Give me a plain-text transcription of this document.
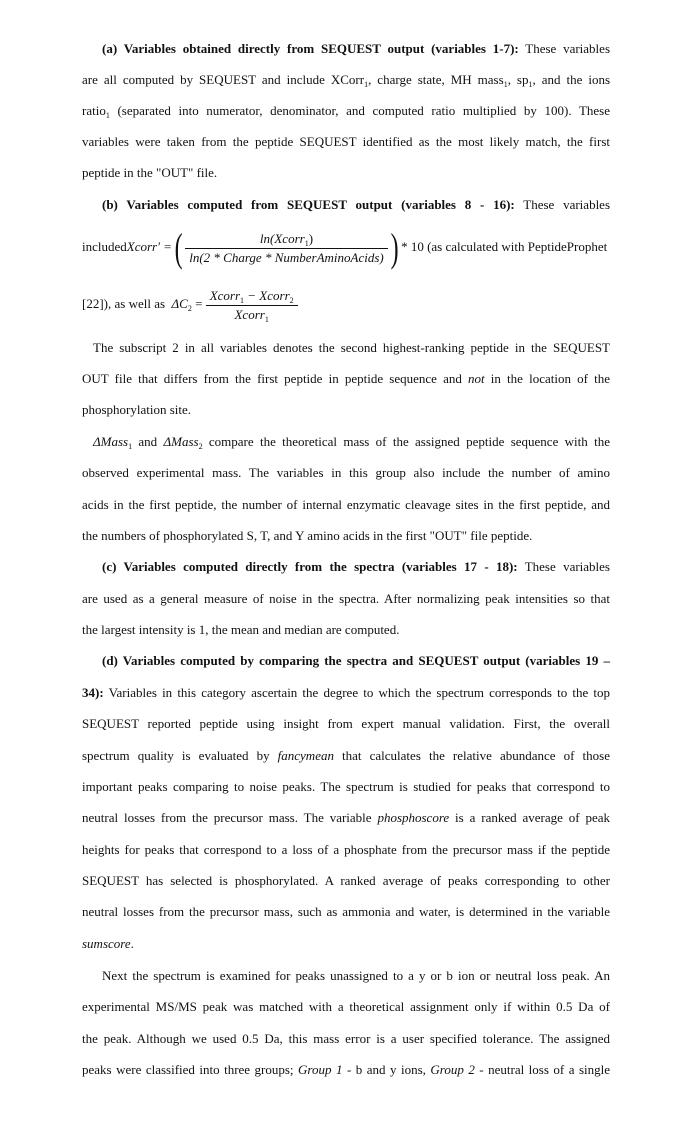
(a) Variables obtained directly from SEQUEST output (variables 1-7): These variables
are all computed by SEQUEST and include XCorr$_1$, charge state, MH mass$_1$, $sp_1$, and the ions
ratio$_1$ (separated into numerator, denominator, and computed ratio multiplied by 100). These
variables were taken from the peptide SEQUEST identified as the most likely match, the first
peptide in the "OUT" file.
(b) Variables computed from SEQUEST output (variables 8 - 16): These variables
includedXcorr' =( $\frac{\ln(Xcorr_1)}{\text{ln(2 * Charge * NumberAminoAcids)}}$ ) * 10 (as calculated with PeptideProphet
[22]), as well as $\Delta C_2 = \frac{Xcorr_1 - Xcorr_2}{Xcorr_1}$
The subscript 2 in all variables denotes the second highest-ranking peptide in the SEQUEST
OUT file that differs from the first peptide in peptide sequence and not in the location of the
phosphorylation site.
ΔMass$_1$ and ΔMass$_2$ compare the theoretical mass of the assigned peptide sequence with the
observed experimental mass. The variables in this group also include the number of amino
acids in the first peptide, the number of internal enzymatic cleavage sites in the first peptide, and
the numbers of phosphorylated S, T, and Y amino acids in the first "OUT" file peptide.
(c) Variables computed directly from the spectra (variables 17 - 18): These variables
are used as a general measure of noise in the spectra. After normalizing peak intensities so that
the largest intensity is 1, the mean and median are computed.
(d) Variables computed by comparing the spectra and SEQUEST output (variables 19 –
34): Variables in this category ascertain the degree to which the spectrum corresponds to the top
SEQUEST reported peptide using insight from expert manual validation. First, the overall
spectrum quality is evaluated by fancymean that calculates the relative abundance of those
important peaks comparing to noise peaks. The spectrum is studied for peaks that correspond to
neutral losses from the precursor mass. The variable phosphoscore is a ranked average of peak
heights for peaks that correspond to a loss of a phosphate from the precursor mass if the peptide
SEQUEST has selected is phosphorylated. A ranked average of peaks corresponding to other
neutral losses from the precursor mass, such as ammonia and water, is determined in the variable
sumscore.
Next the spectrum is examined for peaks unassigned to a y or b ion or neutral loss peak. An
experimental MS/MS peak was matched with a theoretical assignment only if within 0.5 Da of
the peak. Although we used 0.5 Da, this mass error is a user specified tolerance. The assigned
peaks were classified into three groups; Group 1 - b and y ions, Group 2 - neutral loss of a single
